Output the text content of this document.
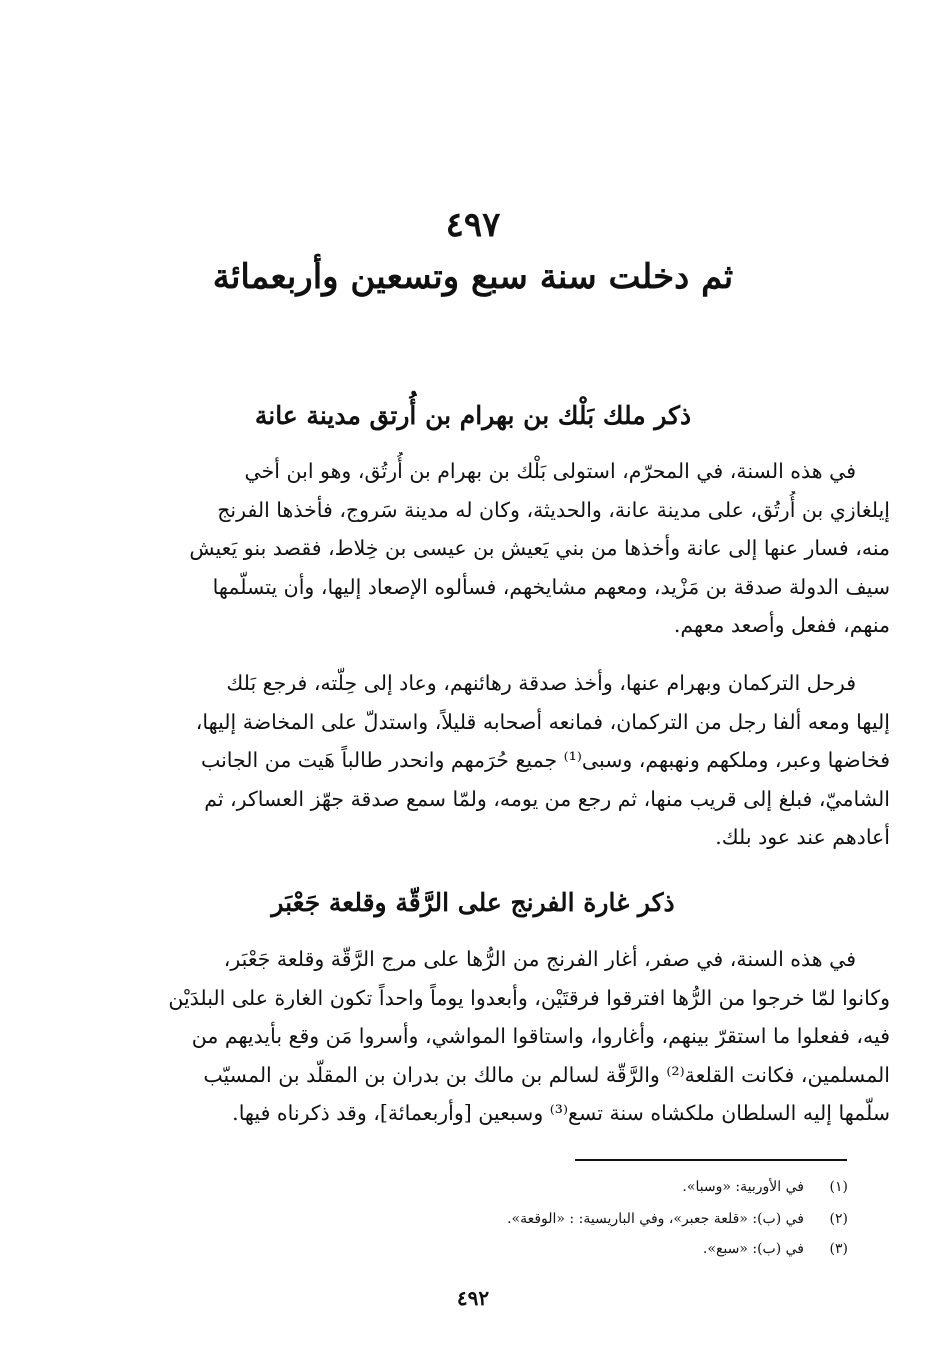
٤٩٧
ثم دخلت سنة سبع وتسعين وأربعمائة
ذكر ملك بَلْك بن بهرام بن أُرتق مدينة عانة
في هذه السنة، في المحرّم، استولى بَلْك بن بهرام بن أُرتُق، وهو ابن أخي
إيلغازي بن أُرتُق، على مدينة عانة، والحديثة، وكان له مدينة سَروج، فأخذها الفرنج
منه، فسار عنها إلى عانة وأخذها من بني يَعيش بن عيسى بن خِلاط، فقصد بنو يَعيش
سيف الدولة صدقة بن مَزْيد، ومعهم مشايخهم، فسألوه الإصعاد إليها، وأن يتسلّمها
منهم، ففعل وأصعد معهم.
فرحل التركمان وبهرام عنها، وأخذ صدقة رهائنهم، وعاد إلى حِلّته، فرجع بَلك
إليها ومعه ألفا رجل من التركمان، فمانعه أصحابه قليلاً، واستدلّ على المخاضة إليها،
فخاضها وعبر، وملكهم ونهبهم، وسبى⁽¹⁾ جميع حُرَمهم وانحدر طالباً هَيت من الجانب
الشاميّ، فبلغ إلى قريب منها، ثم رجع من يومه، ولمّا سمع صدقة جهّز العساكر، ثم
أعادهم عند عود بلك.
ذكر غارة الفرنج على الرَّقّة وقلعة جَعْبَر
في هذه السنة، في صفر، أغار الفرنج من الرُّها على مرج الرَّقّة وقلعة جَعْبَر،
وكانوا لمّا خرجوا من الرُّها افترقوا فرقتَيْن، وأبعدوا يوماً واحداً تكون الغارة على البلدَيْن
فيه، ففعلوا ما استقرّ بينهم، وأغاروا، واستاقوا المواشي، وأسروا مَن وقع بأيديهم من
المسلمين، فكانت القلعة⁽²⁾ والرَّقّة لسالم بن مالك بن بدران بن المقلّد بن المسيّب
سلّمها إليه السلطان ملكشاه سنة تسع⁽³⁾ وسبعين [وأربعمائة]، وقد ذكرناه فيها.
(١)في الأوربية: «وسبا».
(٢)في (ب): «قلعة جعبر»، وفي الباريسية: : «الوقعة».
(٣)في (ب): «سبع».
٤٩٢
